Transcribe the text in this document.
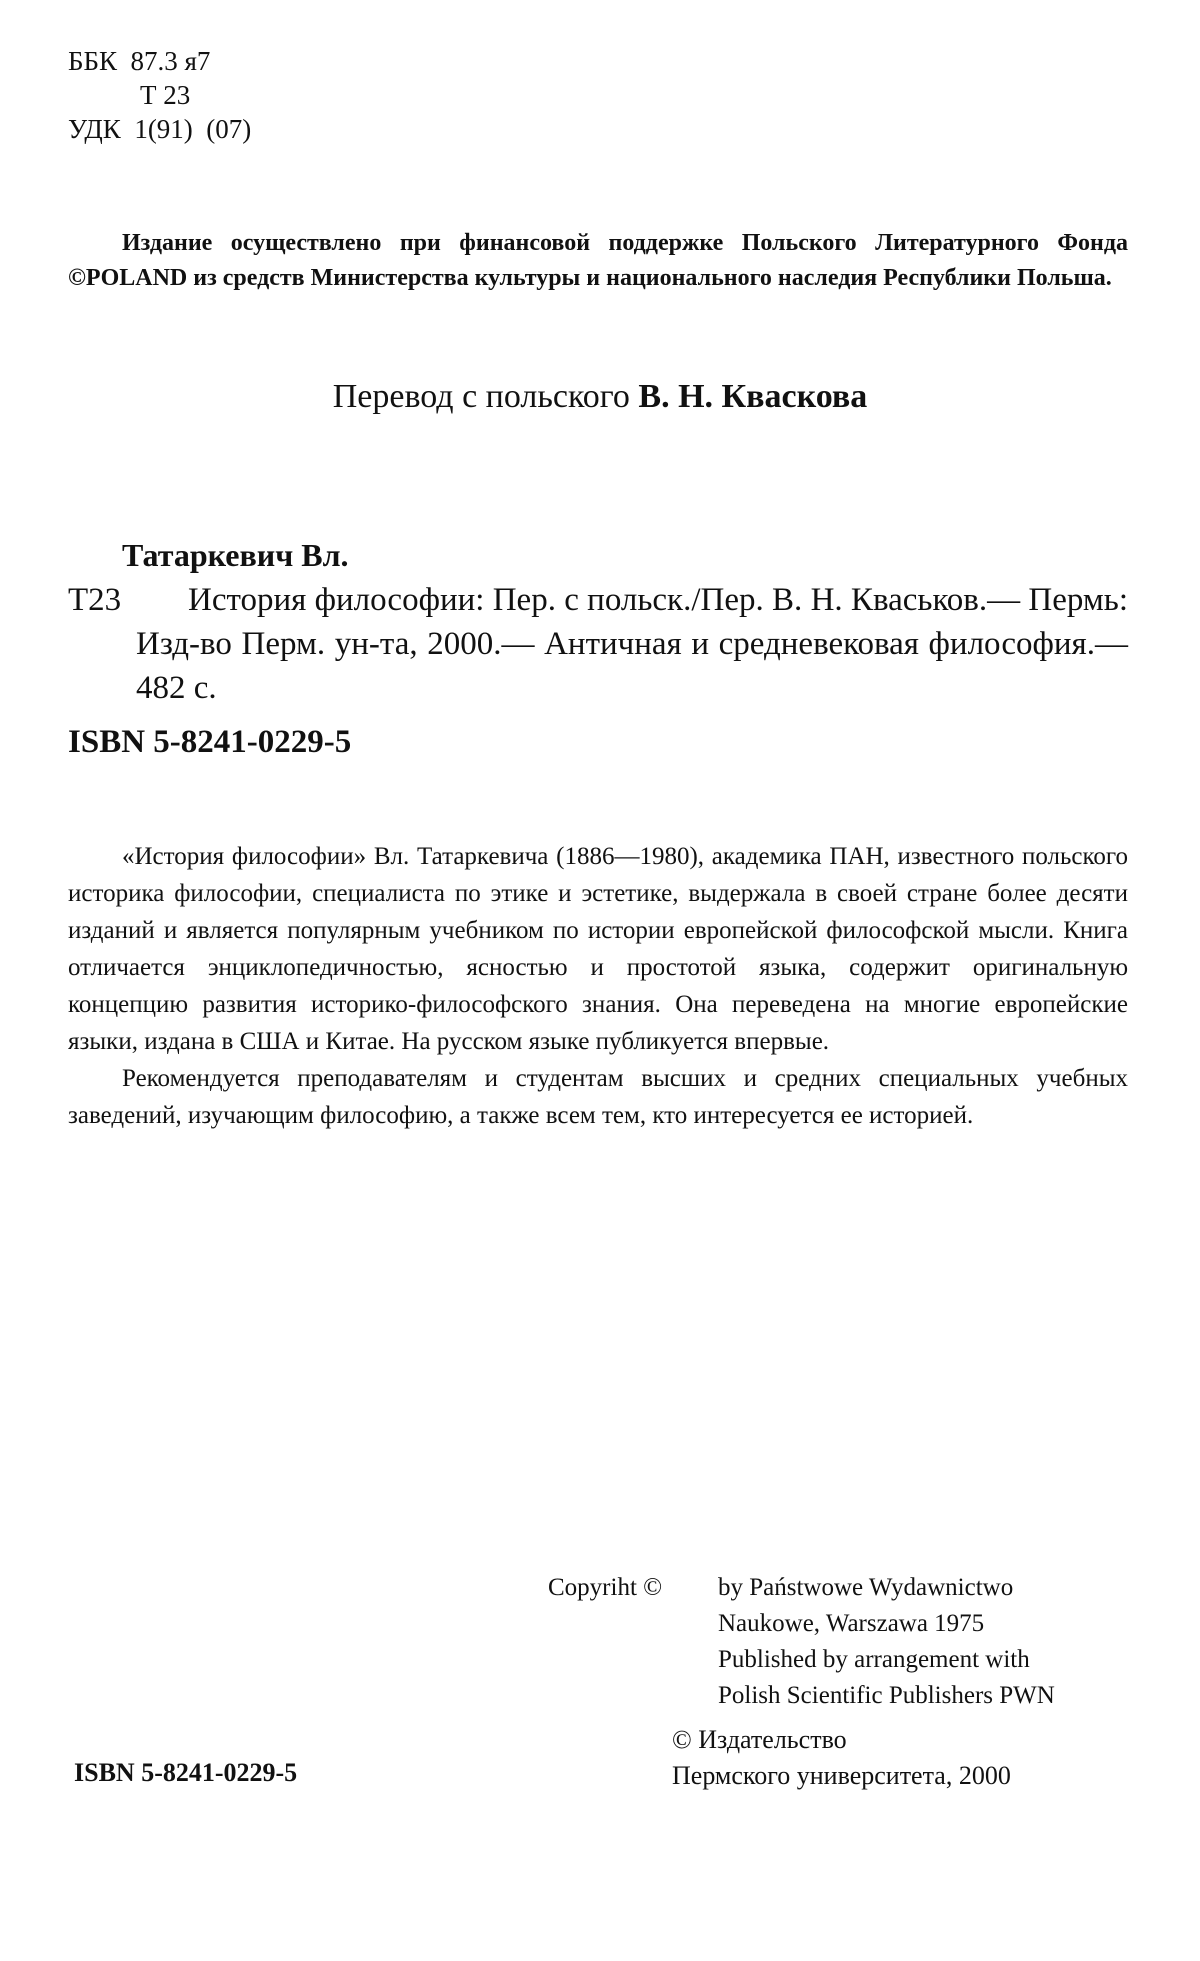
ББК  87.3 я7
Т 23
УДК  1(91)  (07)
Издание осуществлено при финансовой поддержке Польского Литературного Фонда ©POLAND из средств Министерства культуры и национального наследия Республики Польша.
Перевод с польского В. Н. Кваскова
Татаркевич Вл.
Т23	История философии: Пер. с польск./Пер. В. Н. Кваськов.— Пермь: Изд-во Перм. ун-та, 2000.— Античная и средневековая философия.— 482 с.
ISBN 5-8241-0229-5

«История философии» Вл. Татаркевича (1886—1980), академика ПАН, известного польского историка философии, специалиста по этике и эстетике, выдержала в своей стране более десяти изданий и является популярным учебником по истории европейской философской мысли. Книга отличается энциклопедичностью, ясностью и простотой языка, содержит оригинальную концепцию развития историко-философского знания. Она переведена на многие европейские языки, издана в США и Китае. На русском языке публикуется впервые.

Рекомендуется преподавателям и студентам высших и средних специальных учебных заведений, изучающим философию, а также всем тем, кто интересуется ее историей.

Copyriht ©	by Państwowe Wydawnictwo
Naukowe, Warszawa 1975
Published by arrangement with
Polish Scientific Publishers PWN
© Издательство
Пермского университета, 2000
ISBN 5-8241-0229-5
